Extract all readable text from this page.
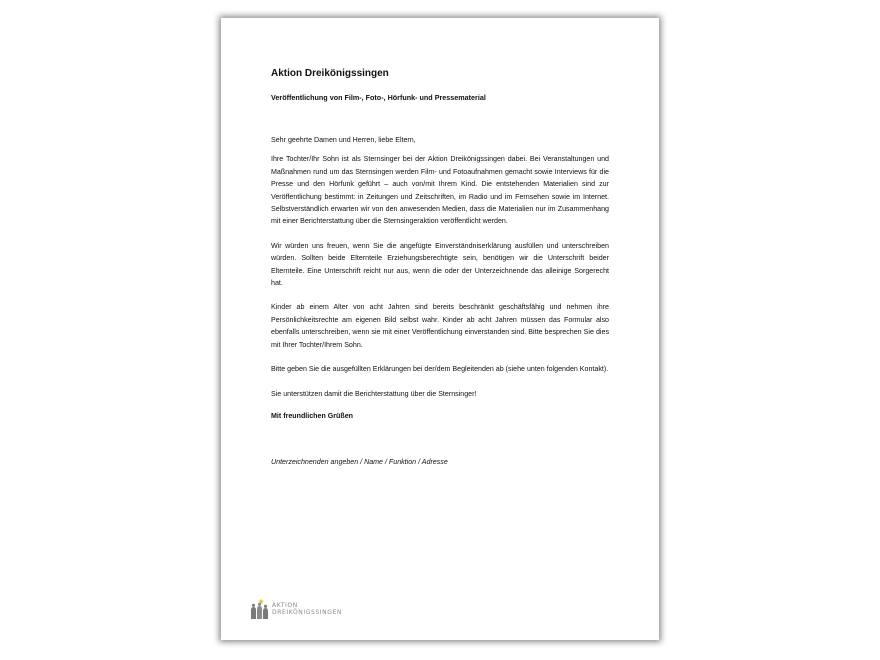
Aktion Dreikönigssingen
Veröffentlichung von Film-, Foto-, Hörfunk- und Pressematerial

Sehr geehrte Damen und Herren, liebe Eltern,

Ihre Tochter/Ihr Sohn ist als Sternsinger bei der Aktion Dreikönigssingen dabei. Bei Veranstaltungen und Maßnahmen rund um das Sternsingen werden Film- und Fotoaufnahmen gemacht sowie Interviews für die Presse und den Hörfunk geführt – auch von/mit Ihrem Kind. Die entstehenden Materialien sind zur Veröffentlichung bestimmt: in Zeitungen und Zeitschriften, im Radio und im Fernsehen sowie im Internet. Selbstverständlich erwarten wir von den anwesenden Medien, dass die Materialien nur im Zusammenhang mit einer Berichterstattung über die Sternsingeraktion veröffentlicht werden.

Wir würden uns freuen, wenn Sie die angefügte Einverständniserklärung ausfüllen und unterschreiben würden. Sollten beide Elternteile Erziehungsberechtigte sein, benötigen wir die Unterschrift beider Elternteile. Eine Unterschrift reicht nur aus, wenn die oder der Unterzeichnende das alleinige Sorgerecht hat.

Kinder ab einem Alter von acht Jahren sind bereits beschränkt geschäftsfähig und nehmen ihre Persönlichkeitsrechte am eigenen Bild selbst wahr. Kinder ab acht Jahren müssen das Formular also ebenfalls unterschreiben, wenn sie mit einer Veröffentlichung einverstanden sind. Bitte besprechen Sie dies mit Ihrer Tochter/Ihrem Sohn.

Bitte geben Sie die ausgefüllten Erklärungen bei der/dem Begleitenden ab (siehe unten folgenden Kontakt).

Sie unterstützen damit die Berichterstattung über die Sternsinger!

Mit freundlichen Grüßen
Unterzeichnenden angeben / Name / Funktion / Adresse
AKTION
DREIKÖNIGSSINGEN
